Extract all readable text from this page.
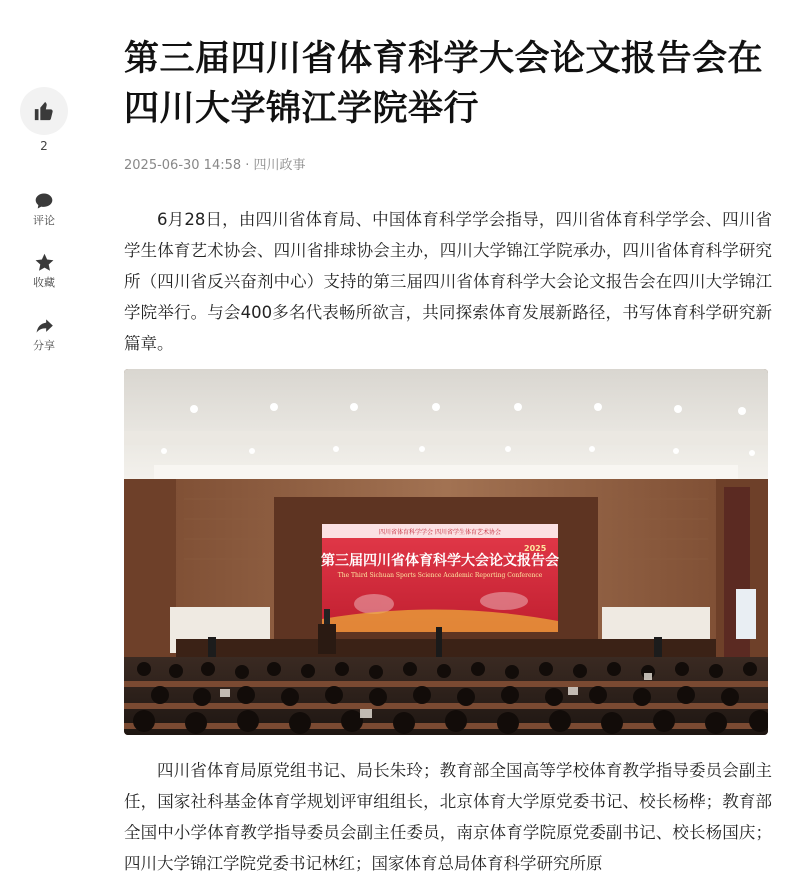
2
评论
收藏
分享
第三届四川省体育科学大会论文报告会在四川大学锦江学院举行
2025-06-30 14:58 · 四川政事

6月28日，由四川省体育局、中国体育科学学会指导，四川省体育科学学会、四川省学生体育艺术协会、四川省排球协会主办，四川大学锦江学院承办，四川省体育科学研究所（四川省反兴奋剂中心）支持的第三届四川省体育科学大会论文报告会在四川大学锦江学院举行。与会400多名代表畅所欲言，共同探索体育发展新路径，书写体育科学研究新篇章。

四川省体育科学学会 四川省学生体育艺术协会
2025
第三届四川省体育科学大会论文报告会
The Third Sichuan Sports Science Academic Reporting Conference

四川省体育局原党组书记、局长朱玲；教育部全国高等学校体育教学指导委员会副主任，国家社科基金体育学规划评审组组长，北京体育大学原党委书记、校长杨桦；教育部全国中小学体育教学指导委员会副主任委员，南京体育学院原党委副书记、校长杨国庆；四川大学锦江学院党委书记林红；国家体育总局体育科学研究所原
